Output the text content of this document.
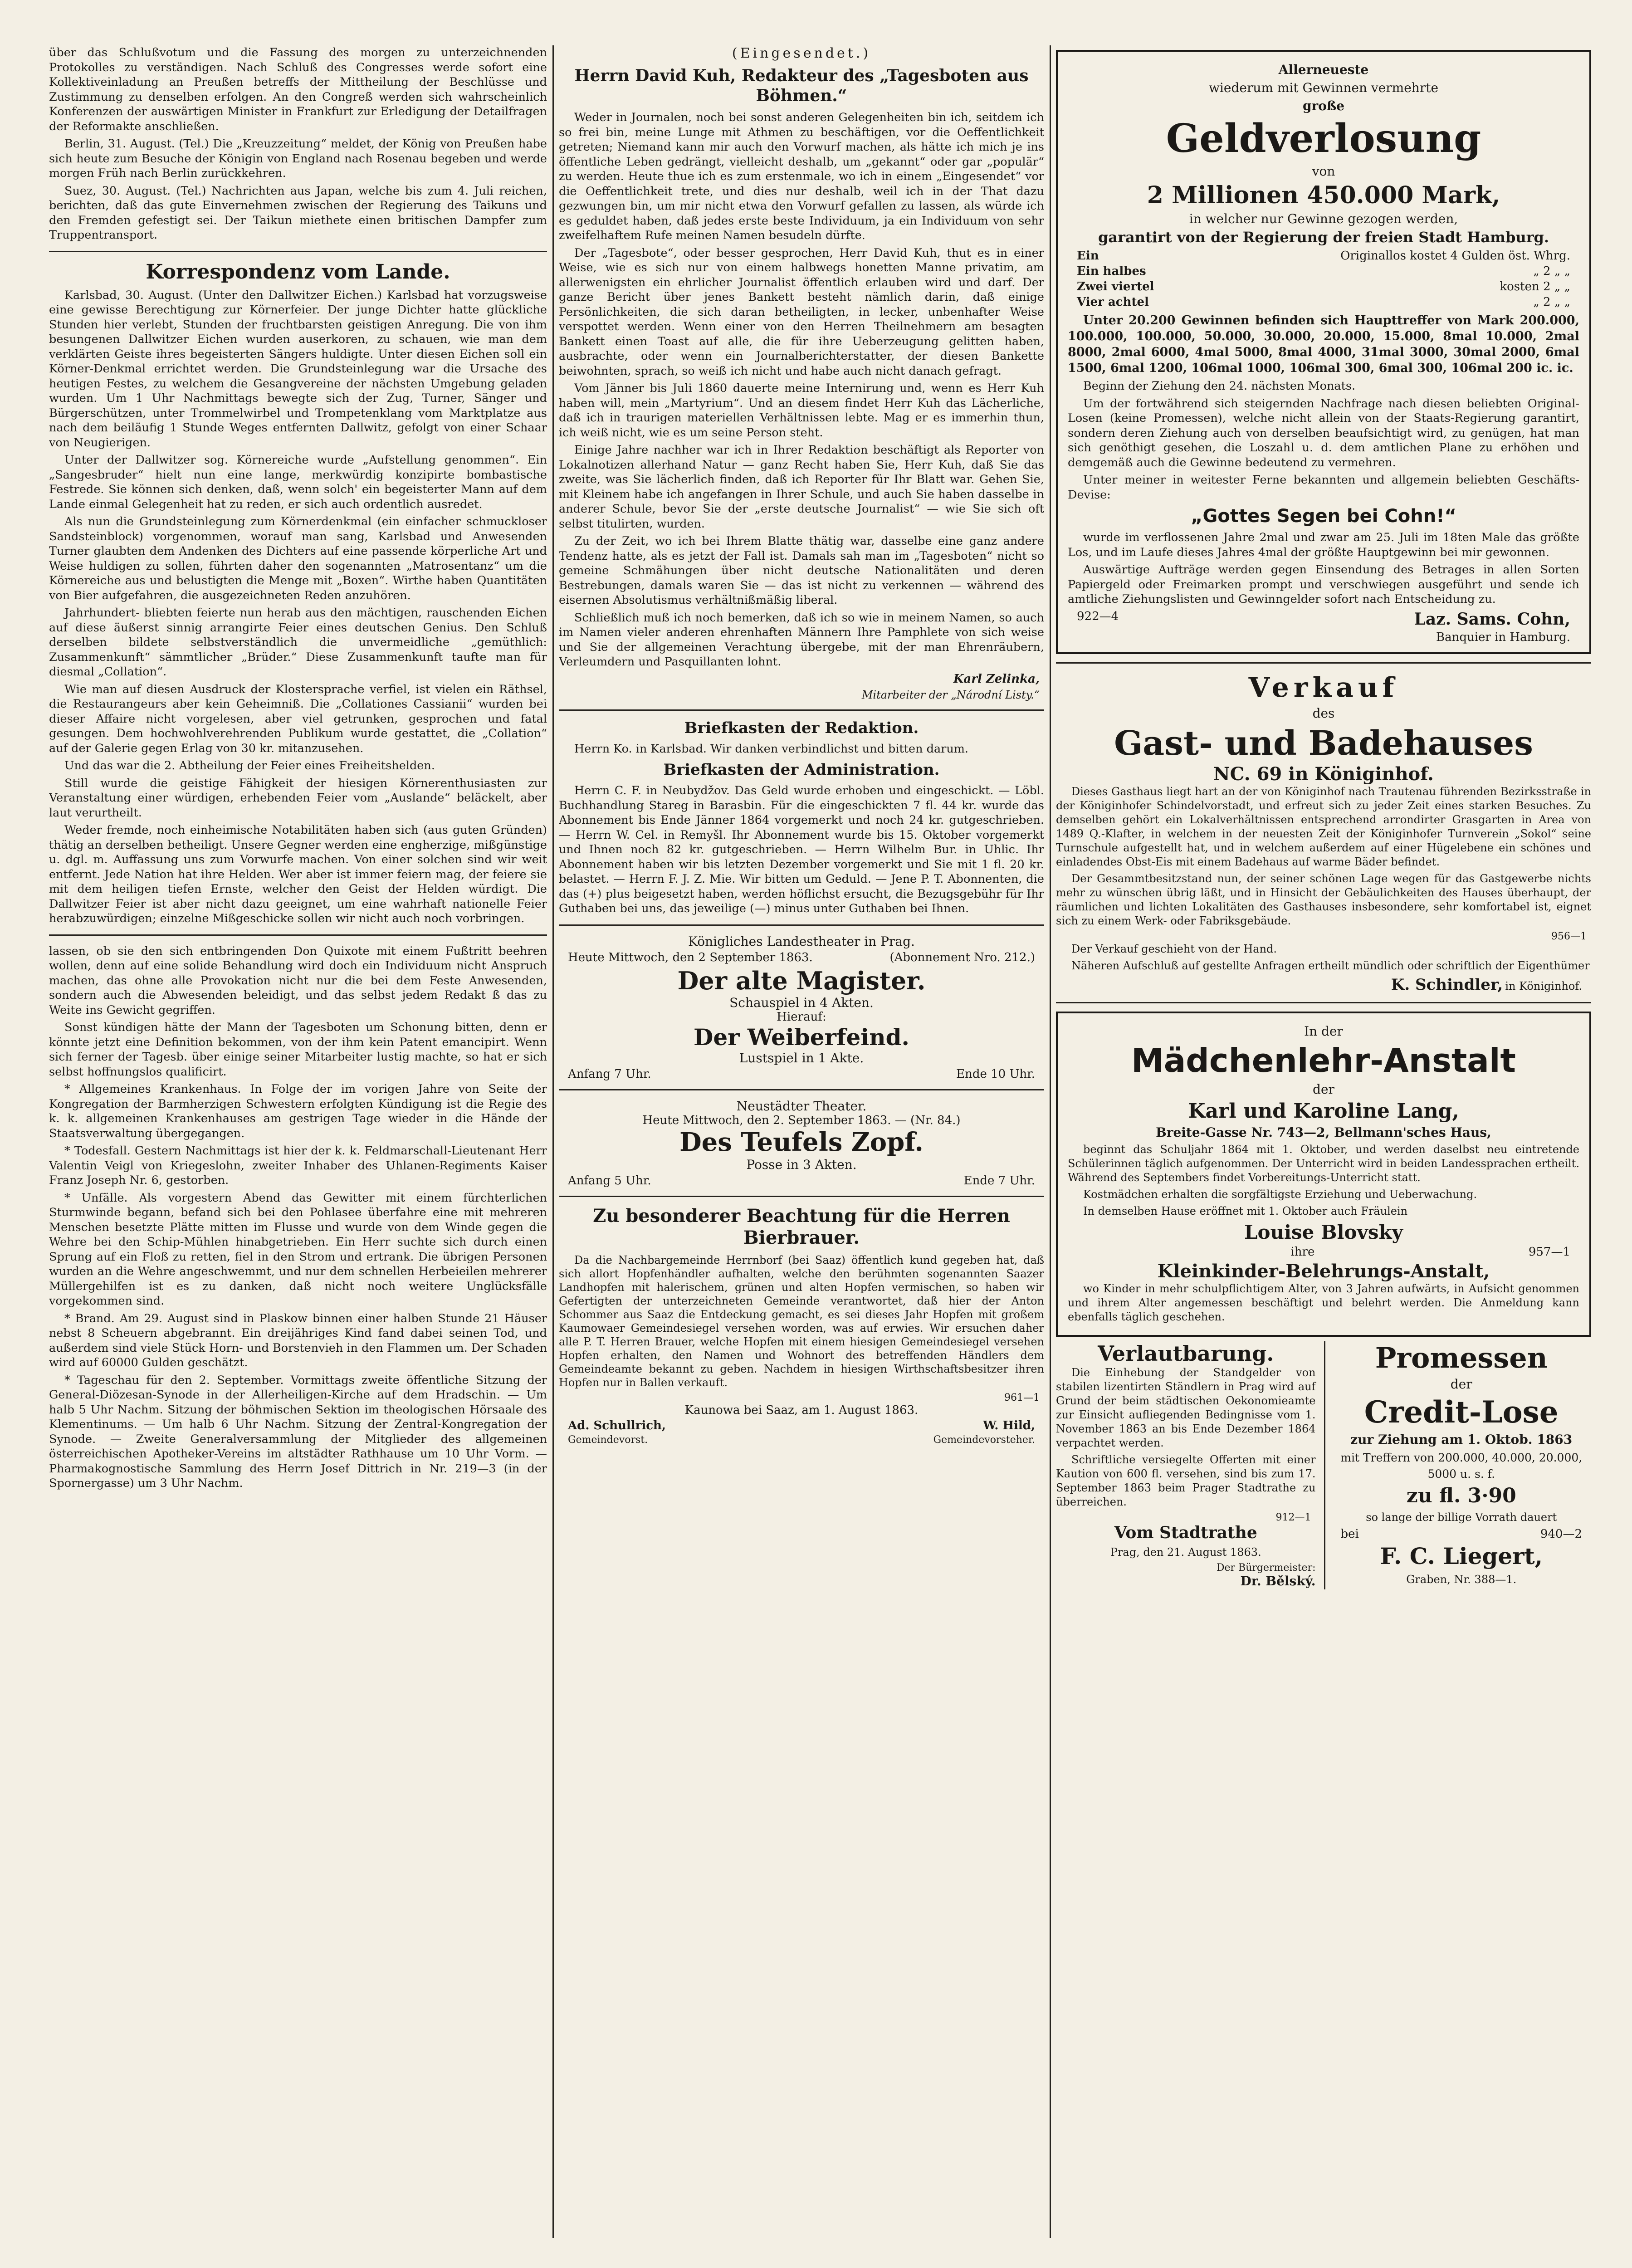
über das Schlußvotum und die Fassung des morgen zu unterzeichnenden Protokolles zu verständigen. Nach Schluß des Congresses werde sofort eine Kollektiveinladung an Preußen betreffs der Mittheilung der Beschlüsse und Zustimmung zu denselben erfolgen. An den Congreß werden sich wahrscheinlich Konferenzen der auswärtigen Minister in Frankfurt zur Erledigung der Detailfragen der Reformakte anschließen.

Berlin, 31. August. (Tel.) Die „Kreuzzeitung“ meldet, der König von Preußen habe sich heute zum Besuche der Königin von England nach Rosenau begeben und werde morgen Früh nach Berlin zurückkehren.

Suez, 30. August. (Tel.) Nachrichten aus Japan, welche bis zum 4. Juli reichen, berichten, daß das gute Einvernehmen zwischen der Regierung des Taikuns und den Fremden gefestigt sei. Der Taikun miethete einen britischen Dampfer zum Truppentransport.

Korrespondenz vom Lande.

Karlsbad, 30. August. (Unter den Dallwitzer Eichen.) Karlsbad hat vorzugsweise eine gewisse Berechtigung zur Körnerfeier. Der junge Dichter hatte glückliche Stunden hier verlebt, Stunden der fruchtbarsten geistigen Anregung. Die von ihm besungenen Dallwitzer Eichen wurden auserkoren, zu schauen, wie man dem verklärten Geiste ihres begeisterten Sängers huldigte. Unter diesen Eichen soll ein Körner-Denkmal errichtet werden. Die Grundsteinlegung war die Ursache des heutigen Festes, zu welchem die Gesangvereine der nächsten Umgebung geladen wurden. Um 1 Uhr Nachmittags bewegte sich der Zug, Turner, Sänger und Bürgerschützen, unter Trommelwirbel und Trompetenklang vom Marktplatze aus nach dem beiläufig 1 Stunde Weges entfernten Dallwitz, gefolgt von einer Schaar von Neugierigen.

Unter der Dallwitzer sog. Körnereiche wurde „Aufstellung genommen“. Ein „Sangesbruder“ hielt nun eine lange, merkwürdig konzipirte bombastische Festrede. Sie können sich denken, daß, wenn solch' ein begeisterter Mann auf dem Lande einmal Gelegenheit hat zu reden, er sich auch ordentlich ausredet.

Als nun die Grundsteinlegung zum Körnerdenkmal (ein einfacher schmuckloser Sandsteinblock) vorgenommen, worauf man sang, Karlsbad und Anwesenden Turner glaubten dem Andenken des Dichters auf eine passende körperliche Art und Weise huldigen zu sollen, führten daher den sogenannten „Matrosentanz“ um die Körnereiche aus und belustigten die Menge mit „Boxen“. Wirthe haben Quantitäten von Bier aufgefahren, die ausgezeichneten Reden anzuhören.

Jahrhundert- bliebten feierte nun herab aus den mächtigen, rauschenden Eichen auf diese äußerst sinnig arrangirte Feier eines deutschen Genius. Den Schluß derselben bildete selbstverständlich die unvermeidliche „gemüthlich: Zusammenkunft“ sämmtlicher „Brüder.“ Diese Zusammenkunft taufte man für diesmal „Collation“.

Wie man auf diesen Ausdruck der Klostersprache verfiel, ist vielen ein Räthsel, die Restaurangeurs aber kein Geheimniß. Die „Collationes Cassianii“ wurden bei dieser Affaire nicht vorgelesen, aber viel getrunken, gesprochen und fatal gesungen. Dem hochwohlverehrenden Publikum wurde gestattet, die „Collation“ auf der Galerie gegen Erlag von 30 kr. mitanzusehen.

Und das war die 2. Abtheilung der Feier eines Freiheitshelden.

Still wurde die geistige Fähigkeit der hiesigen Körnerenthusiasten zur Veranstaltung einer würdigen, erhebenden Feier vom „Auslande“ beläckelt, aber laut verurtheilt.

Weder fremde, noch einheimische Notabilitäten haben sich (aus guten Gründen) thätig an derselben betheiligt. Unsere Gegner werden eine engherzige, mißgünstige u. dgl. m. Auffassung uns zum Vorwurfe machen. Von einer solchen sind wir weit entfernt. Jede Nation hat ihre Helden. Wer aber ist immer feiern mag, der feiere sie mit dem heiligen tiefen Ernste, welcher den Geist der Helden würdigt. Die Dallwitzer Feier ist aber nicht dazu geeignet, um eine wahrhaft nationelle Feier herabzuwürdigen; einzelne Mißgeschicke sollen wir nicht auch noch vorbringen.

lassen, ob sie den sich entbringenden Don Quixote mit einem Fußtritt beehren wollen, denn auf eine solide Behandlung wird doch ein Individuum nicht Anspruch machen, das ohne alle Provokation nicht nur die bei dem Feste Anwesenden, sondern auch die Abwesenden beleidigt, und das selbst jedem Redakt ß das zu Weite ins Gewicht gegriffen.

Sonst kündigen hätte der Mann der Tagesboten um Schonung bitten, denn er könnte jetzt eine Definition bekommen, von der ihm kein Patent emancipirt. Wenn sich ferner der Tagesb. über einige seiner Mitarbeiter lustig machte, so hat er sich selbst hoffnungslos qualificirt.

* Allgemeines Krankenhaus. In Folge der im vorigen Jahre von Seite der Kongregation der Barmherzigen Schwestern erfolgten Kündigung ist die Regie des k. k. allgemeinen Krankenhauses am gestrigen Tage wieder in die Hände der Staatsverwaltung übergegangen.

* Todesfall. Gestern Nachmittags ist hier der k. k. Feldmarschall-Lieutenant Herr Valentin Veigl von Kriegeslohn, zweiter Inhaber des Uhlanen-Regiments Kaiser Franz Joseph Nr. 6, gestorben.

* Unfälle. Als vorgestern Abend das Gewitter mit einem fürchterlichen Sturmwinde begann, befand sich bei den Pohlasee überfahre eine mit mehreren Menschen besetzte Plätte mitten im Flusse und wurde von dem Winde gegen die Wehre bei den Schip-Mühlen hinabgetrieben. Ein Herr suchte sich durch einen Sprung auf ein Floß zu retten, fiel in den Strom und ertrank. Die übrigen Personen wurden an die Wehre angeschwemmt, und nur dem schnellen Herbeieilen mehrerer Müllergehilfen ist es zu danken, daß nicht noch weitere Unglücksfälle vorgekommen sind.

* Brand. Am 29. August sind in Plaskow binnen einer halben Stunde 21 Häuser nebst 8 Scheuern abgebrannt. Ein dreijähriges Kind fand dabei seinen Tod, und außerdem sind viele Stück Horn- und Borstenvieh in den Flammen um. Der Schaden wird auf 60000 Gulden geschätzt.

* Tageschau für den 2. September. Vormittags zweite öffentliche Sitzung der General-Diözesan-Synode in der Allerheiligen-Kirche auf dem Hradschin. — Um halb 5 Uhr Nachm. Sitzung der böhmischen Sektion im theologischen Hörsaale des Klementinums. — Um halb 6 Uhr Nachm. Sitzung der Zentral-Kongregation der Synode. — Zweite Generalversammlung der Mitglieder des allgemeinen österreichischen Apotheker-Vereins im altstädter Rathhause um 10 Uhr Vorm. — Pharmakognostische Sammlung des Herrn Josef Dittrich in Nr. 219—3 (in der Spornergasse) um 3 Uhr Nachm.

(Eingesendet.)
Herrn David Kuh, Redakteur des „Tagesboten aus Böhmen.“

Weder in Journalen, noch bei sonst anderen Gelegenheiten bin ich, seitdem ich so frei bin, meine Lunge mit Athmen zu beschäftigen, vor die Oeffentlichkeit getreten; Niemand kann mir auch den Vorwurf machen, als hätte ich mich je ins öffentliche Leben gedrängt, vielleicht deshalb, um „gekannt“ oder gar „populär“ zu werden. Heute thue ich es zum erstenmale, wo ich in einem „Eingesendet“ vor die Oeffentlichkeit trete, und dies nur deshalb, weil ich in der That dazu gezwungen bin, um mir nicht etwa den Vorwurf gefallen zu lassen, als würde ich es geduldet haben, daß jedes erste beste Individuum, ja ein Individuum von sehr zweifelhaftem Rufe meinen Namen besudeln dürfte.

Der „Tagesbote“, oder besser gesprochen, Herr David Kuh, thut es in einer Weise, wie es sich nur von einem halbwegs honetten Manne privatim, am allerwenigsten ein ehrlicher Journalist öffentlich erlauben wird und darf. Der ganze Bericht über jenes Bankett besteht nämlich darin, daß einige Persönlichkeiten, die sich daran betheiligten, in lecker, unbenhafter Weise verspottet werden. Wenn einer von den Herren Theilnehmern am besagten Bankett einen Toast auf alle, die für ihre Ueberzeugung gelitten haben, ausbrachte, oder wenn ein Journalberichterstatter, der diesen Bankette beiwohnten, sprach, so weiß ich nicht und habe auch nicht danach gefragt.

Vom Jänner bis Juli 1860 dauerte meine Internirung und, wenn es Herr Kuh haben will, mein „Martyrium“. Und an diesem findet Herr Kuh das Lächerliche, daß ich in traurigen materiellen Verhältnissen lebte. Mag er es immerhin thun, ich weiß nicht, wie es um seine Person steht.

Einige Jahre nachher war ich in Ihrer Redaktion beschäftigt als Reporter von Lokalnotizen allerhand Natur — ganz Recht haben Sie, Herr Kuh, daß Sie das zweite, was Sie lächerlich finden, daß ich Reporter für Ihr Blatt war. Gehen Sie, mit Kleinem habe ich angefangen in Ihrer Schule, und auch Sie haben dasselbe in anderer Schule, bevor Sie der „erste deutsche Journalist“ — wie Sie sich oft selbst titulirten, wurden.

Zu der Zeit, wo ich bei Ihrem Blatte thätig war, dasselbe eine ganz andere Tendenz hatte, als es jetzt der Fall ist. Damals sah man im „Tagesboten“ nicht so gemeine Schmähungen über nicht deutsche Nationalitäten und deren Bestrebungen, damals waren Sie — das ist nicht zu verkennen — während des eisernen Absolutismus verhältnißmäßig liberal.

Schließlich muß ich noch bemerken, daß ich so wie in meinem Namen, so auch im Namen vieler anderen ehrenhaften Männern Ihre Pamphlete von sich weise und Sie der allgemeinen Verachtung übergebe, mit der man Ehrenräubern, Verleumdern und Pasquillanten lohnt.

Karl Zelinka,
Mitarbeiter der „Národní Listy.“
Briefkasten der Redaktion.

Herrn Ko. in Karlsbad. Wir danken verbindlichst und bitten darum.

Briefkasten der Administration.

Herrn C. F. in Neubydžov. Das Geld wurde erhoben und eingeschickt. — Löbl. Buchhandlung Stareg in Barasbin. Für die eingeschickten 7 fl. 44 kr. wurde das Abonnement bis Ende Jänner 1864 vorgemerkt und noch 24 kr. gutgeschrieben. — Herrn W. Cel. in Remyšl. Ihr Abonnement wurde bis 15. Oktober vorgemerkt und Ihnen noch 82 kr. gutgeschrieben. — Herrn Wilhelm Bur. in Uhlic. Ihr Abonnement haben wir bis letzten Dezember vorgemerkt und Sie mit 1 fl. 20 kr. belastet. — Herrn F. J. Z. Mie. Wir bitten um Geduld. — Jene P. T. Abonnenten, die das (+) plus beigesetzt haben, werden höflichst ersucht, die Bezugsgebühr für Ihr Guthaben bei uns, das jeweilige (—) minus unter Guthaben bei Ihnen.

Königliches Landestheater in Prag.
Heute Mittwoch, den 2 September 1863.	(Abonnement Nro. 212.)
Der alte Magister.
Schauspiel in 4 Akten.
Hierauf:
Der Weiberfeind.
Lustspiel in 1 Akte.
Anfang 7 Uhr.	Ende 10 Uhr.
Neustädter Theater.
Heute Mittwoch, den 2. September 1863. — (Nr. 84.)
Des Teufels Zopf.
Posse in 3 Akten.
Anfang 5 Uhr.	Ende 7 Uhr.
Zu besonderer Beachtung für die Herren Bierbrauer.

Da die Nachbargemeinde Herrnborf (bei Saaz) öffentlich kund gegeben hat, daß sich allort Hopfenhändler aufhalten, welche den berühmten sogenannten Saazer Landhopfen mit halerischem, grünen und alten Hopfen vermischen, so haben wir Gefertigten der unterzeichneten Gemeinde verantwortet, daß hier der Anton Schommer aus Saaz die Entdeckung gemacht, es sei dieses Jahr Hopfen mit großem Kaumowaer Gemeindesiegel versehen worden, was auf erwies. Wir ersuchen daher alle P. T. Herren Brauer, welche Hopfen mit einem hiesigen Gemeindesiegel versehen Hopfen erhalten, den Namen und Wohnort des betreffenden Händlers dem Gemeindeamte bekannt zu geben. Nachdem in hiesigen Wirthschaftsbesitzer ihren Hopfen nur in Ballen verkauft.

961—1
Kaunowa bei Saaz, am 1. August 1863.
Ad. Schullrich,	W. Hild,
Gemeindevorst.	Gemeindevorsteher.
Allerneueste
wiederum mit Gewinnen vermehrte
große
Geldverlosung
von
2 Millionen 450.000 Mark,
in welcher nur Gewinne gezogen werden,
garantirt von der Regierung der freien Stadt Hamburg.
Ein	Originallos kostet 4 Gulden öst. Whrg.
Ein halbes	„ 2 „ „
Zwei viertel	kosten 2 „ „
Vier achtel	„ 2 „ „

Unter 20.200 Gewinnen befinden sich Haupttreffer von Mark 200.000, 100.000, 100.000, 50.000, 30.000, 20.000, 15.000, 8mal 10.000, 2mal 8000, 2mal 6000, 4mal 5000, 8mal 4000, 31mal 3000, 30mal 2000, 6mal 1500, 6mal 1200, 106mal 1000, 106mal 300, 6mal 300, 106mal 200 ic. ic.

Beginn der Ziehung den 24. nächsten Monats.

Um der fortwährend sich steigernden Nachfrage nach diesen beliebten Original-Losen (keine Promessen), welche nicht allein von der Staats-Regierung garantirt, sondern deren Ziehung auch von derselben beaufsichtigt wird, zu genügen, hat man sich genöthigt gesehen, die Loszahl u. d. dem amtlichen Plane zu erhöhen und demgemäß auch die Gewinne bedeutend zu vermehren.

Unter meiner in weitester Ferne bekannten und allgemein beliebten Geschäfts-Devise:

„Gottes Segen bei Cohn!“

wurde im verflossenen Jahre 2mal und zwar am 25. Juli im 18ten Male das größte Los, und im Laufe dieses Jahres 4mal der größte Hauptgewinn bei mir gewonnen.

Auswärtige Aufträge werden gegen Einsendung des Betrages in allen Sorten Papiergeld oder Freimarken prompt und verschwiegen ausgeführt und sende ich amtliche Ziehungslisten und Gewinngelder sofort nach Entscheidung zu.

922—4	Laz. Sams. Cohn,
Banquier in Hamburg.
Verkauf
des
Gast- und Badehauses
NC. 69 in Königinhof.

Dieses Gasthaus liegt hart an der von Königinhof nach Trautenau führenden Bezirksstraße in der Königinhofer Schindelvorstadt, und erfreut sich zu jeder Zeit eines starken Besuches. Zu demselben gehört ein Lokalverhältnissen entsprechend arrondirter Grasgarten in Area von 1489 Q.-Klafter, in welchem in der neuesten Zeit der Königinhofer Turnverein „Sokol“ seine Turnschule aufgestellt hat, und in welchem außerdem auf einer Hügelebene ein schönes und einladendes Obst-Eis mit einem Badehaus auf warme Bäder befindet.

Der Gesammtbesitzstand nun, der seiner schönen Lage wegen für das Gastgewerbe nichts mehr zu wünschen übrig läßt, und in Hinsicht der Gebäulichkeiten des Hauses überhaupt, der räumlichen und lichten Lokalitäten des Gasthauses insbesondere, sehr komfortabel ist, eignet sich zu einem Werk- oder Fabriksgebäude.

956—1

Der Verkauf geschieht von der Hand.

Näheren Aufschluß auf gestellte Anfragen ertheilt mündlich oder schriftlich der Eigenthümer

K. Schindler, in Königinhof.
In der
Mädchenlehr-Anstalt
der
Karl und Karoline Lang,
Breite-Gasse Nr. 743—2, Bellmann'sches Haus,

beginnt das Schuljahr 1864 mit 1. Oktober, und werden daselbst neu eintretende Schülerinnen täglich aufgenommen. Der Unterricht wird in beiden Landessprachen ertheilt. Während des Septembers findet Vorbereitungs-Unterricht statt.

Kostmädchen erhalten die sorgfältigste Erziehung und Ueberwachung.

In demselben Hause eröffnet mit 1. Oktober auch Fräulein

Louise Blovsky
ihre	957—1
Kleinkinder-Belehrungs-Anstalt,

wo Kinder in mehr schulpflichtigem Alter, von 3 Jahren aufwärts, in Aufsicht genommen und ihrem Alter angemessen beschäftigt und belehrt werden. Die Anmeldung kann ebenfalls täglich geschehen.

Verlautbarung.

Die Einhebung der Standgelder von stabilen lizentirten Ständlern in Prag wird auf Grund der beim städtischen Oekonomieamte zur Einsicht aufliegenden Bedingnisse vom 1. November 1863 an bis Ende Dezember 1864 verpachtet werden.

Schriftliche versiegelte Offerten mit einer Kaution von 600 fl. versehen, sind bis zum 17. September 1863 beim Prager Stadtrathe zu überreichen.

912—1
Vom Stadtrathe
Prag, den 21. August 1863.
Der Bürgermeister:
Dr. Bělský.
Promessen
der
Credit-Lose
zur Ziehung am 1. Oktob. 1863
mit Treffern von 200.000, 40.000, 20.000, 5000 u. s. f.
zu fl. 3·90
so lange der billige Vorrath dauert
bei	940—2
F. C. Liegert,
Graben, Nr. 388—1.
